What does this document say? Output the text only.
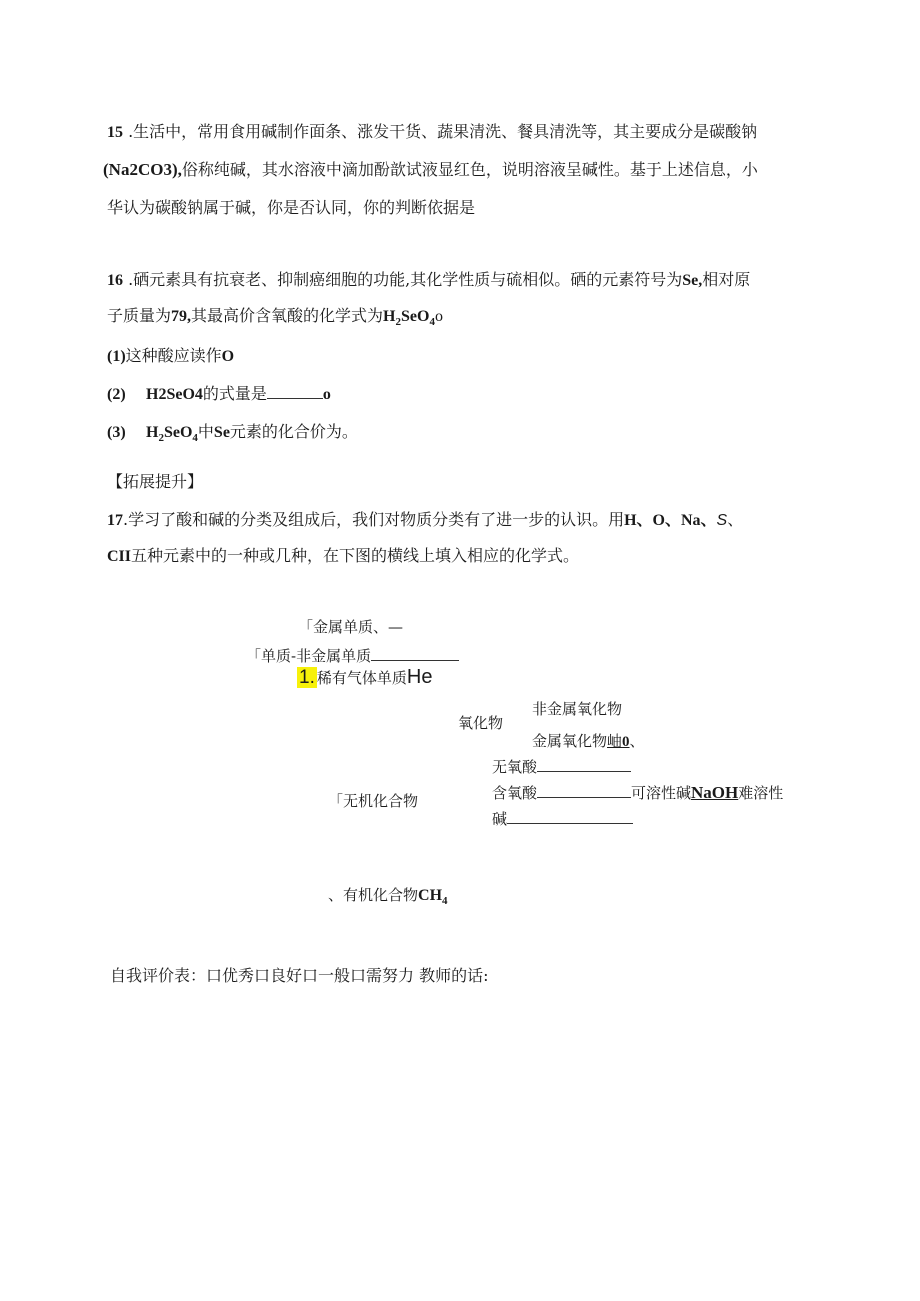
15 .生活中，常用食用碱制作面条、涨发干货、蔬果清洗、餐具清洗等，其主要成分是碳酸钠
(Na2CO3),俗称纯碱，其水溶液中滴加酚歆试液显红色，说明溶液呈碱性。基于上述信息，小
华认为碳酸钠属于碱，你是否认同，你的判断依据是
16 .硒元素具有抗衰老、抑制癌细胞的功能,其化学性质与硫相似。硒的元素符号为Se,相对原
子质量为79,其最高价含氧酸的化学式为$H_2SeO_4o$
(1)这种酸应读作O
(2) H2SeO4的式量是	o
(3) $H_2SeO_4$中Se元素的化合价为。
【拓展提升】
17.学习了酸和碱的分类及组成后，我们对物质分类有了进一步的认识。用H、O、Na、S、
CII五种元素中的一种或几种，在下图的横线上填入相应的化学式。
「金属单质、—
「单质-非金属单质
1. 稀有气体单质He
非金属氧化物
氧化物
金属氧化物岫0、
无氧酸
含氧酸	可溶性碱NaOH难溶性
「无机化合物
碱
、有机化合物$CH_4$
自我评价表：口优秀口良好口一般口需努力 教师的话:
